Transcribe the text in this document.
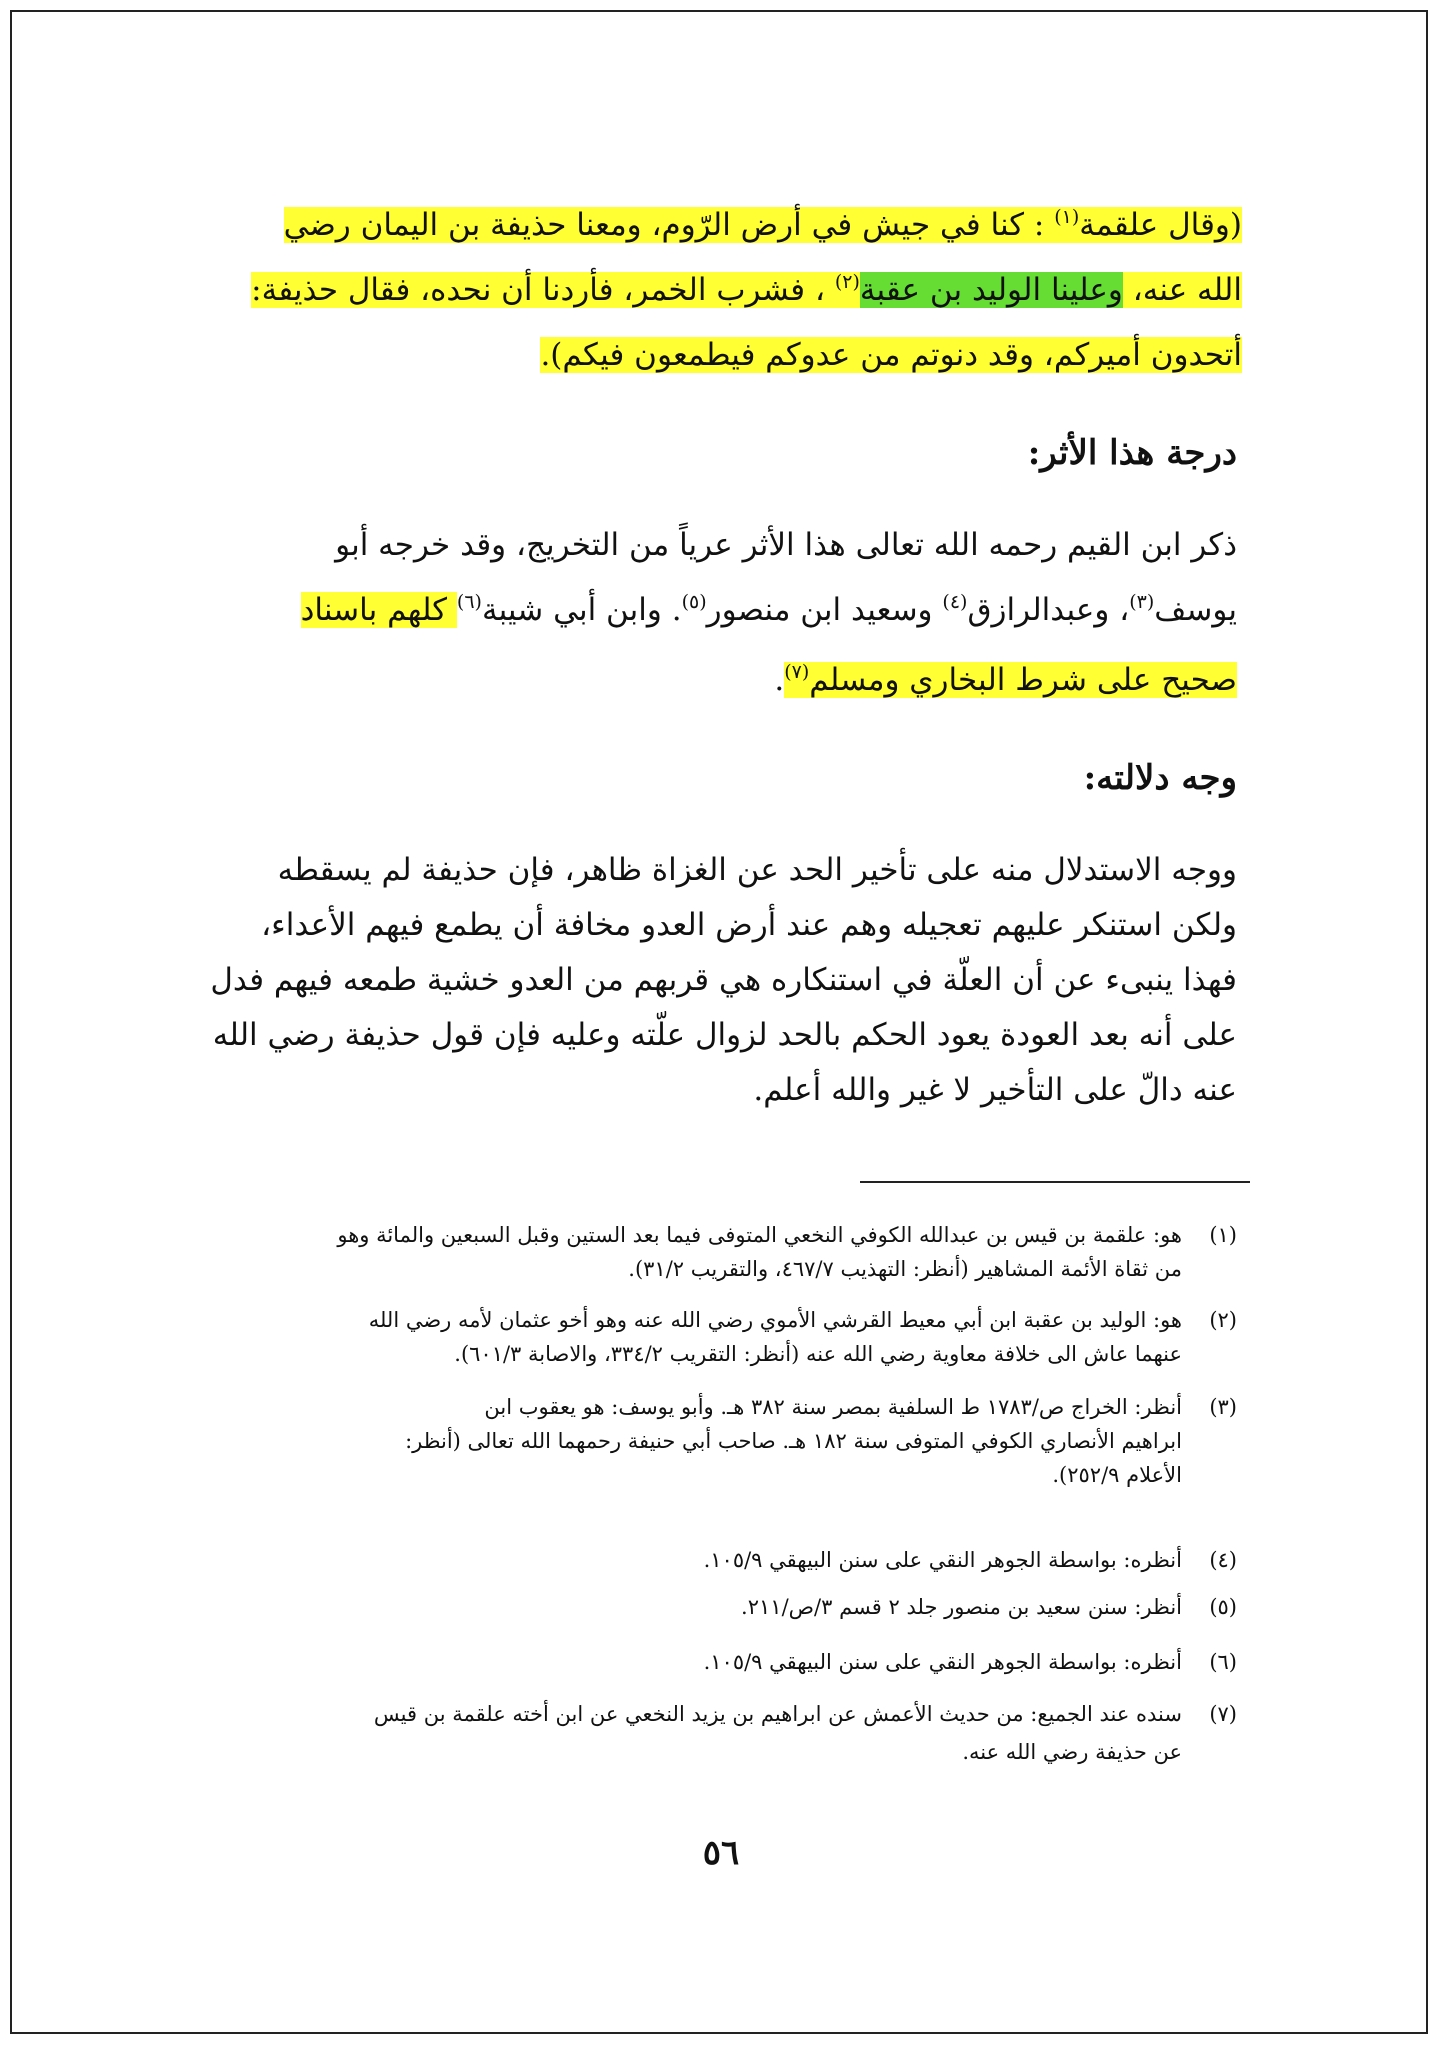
(وقال علقمة$^{(١)}$ : كنا في جيش في أرض الرّوم، ومعنا حذيفة بن اليمان رضي
الله عنه، وعلينا الوليد بن عقبة$^{(٢)}$ ، فشرب الخمر، فأردنا أن نحده، فقال حذيفة:
أتحدون أميركم، وقد دنوتم من عدوكم فيطمعون فيكم).
درجة هذا الأثر:
ذكر ابن القيم رحمه الله تعالى هذا الأثر عرياً من التخريج، وقد خرجه أبو
يوسف$^{(٣)}$، وعبدالرازق$^{(٤)}$ وسعيد ابن منصور$^{(٥)}$. وابن أبي شيبة$^{(٦)}$ كلهم باسناد
صحيح على شرط البخاري ومسلم$^{(٧)}$.
وجه دلالته:
ووجه الاستدلال منه على تأخير الحد عن الغزاة ظاهر، فإن حذيفة لم يسقطه
ولكن استنكر عليهم تعجيله وهم عند أرض العدو مخافة أن يطمع فيهم الأعداء،
فهذا ينبىء عن أن العلّة في استنكاره هي قربهم من العدو خشية طمعه فيهم فدل
على أنه بعد العودة يعود الحكم بالحد لزوال علّته وعليه فإن قول حذيفة رضي الله
عنه دالّ على التأخير لا غير والله أعلم.
(١)
هو: علقمة بن قيس بن عبدالله الكوفي النخعي المتوفى فيما بعد الستين وقبل السبعين والمائة وهو
من ثقاة الأئمة المشاهير (أنظر: التهذيب ٤٦٧/٧، والتقريب ٣١/٢).
(٢)
هو: الوليد بن عقبة ابن أبي معيط القرشي الأموي رضي الله عنه وهو أخو عثمان لأمه رضي الله
عنهما عاش الى خلافة معاوية رضي الله عنه (أنظر: التقريب ٣٣٤/٢، والاصابة ٦٠١/٣).
(٣)
أنظر: الخراج ص/١٧٨٣ ط السلفية بمصر سنة ٣٨٢ هـ. وأبو يوسف: هو يعقوب ابن
ابراهيم الأنصاري الكوفي المتوفى سنة ١٨٢ هـ. صاحب أبي حنيفة رحمهما الله تعالى (أنظر:
الأعلام ٢٥٢/٩).
(٤)
أنظره: بواسطة الجوهر النقي على سنن البيهقي ١٠٥/٩.
(٥)
أنظر: سنن سعيد بن منصور جلد ٢ قسم ٣/ص/٢١١.
(٦)
أنظره: بواسطة الجوهر النقي على سنن البيهقي ١٠٥/٩.
(٧)
سنده عند الجميع: من حديث الأعمش عن ابراهيم بن يزيد النخعي عن ابن أخته علقمة بن قيس
عن حذيفة رضي الله عنه.
٥٦
